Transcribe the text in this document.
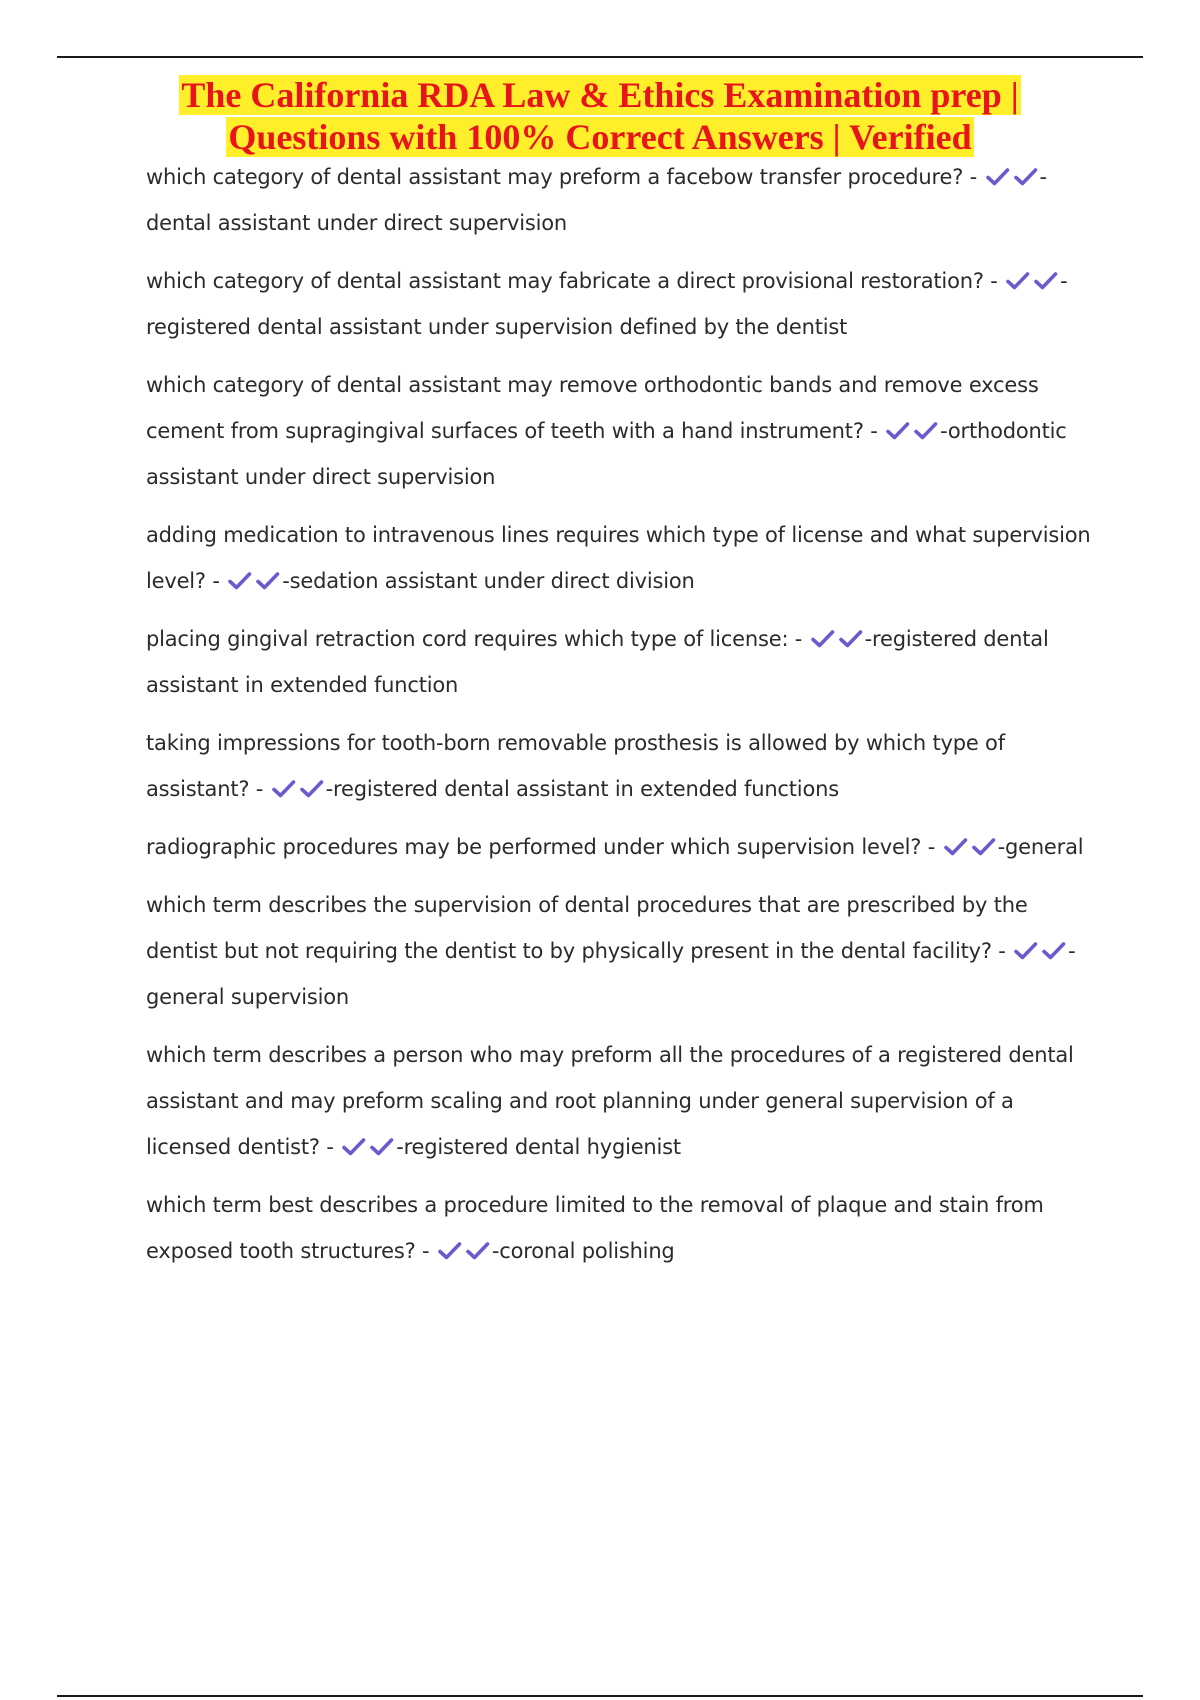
The California RDA Law & Ethics Examination prep |
Questions with 100% Correct Answers | Verified
which category of dental assistant may preform a facebow transfer procedure? -	-dental assistant under direct supervision
which category of dental assistant may fabricate a direct provisional restoration? -	-registered dental assistant under supervision defined by the dentist
which category of dental assistant may remove orthodontic bands and remove excess cement from supragingival surfaces of teeth with a hand instrument? -	-orthodontic assistant under direct supervision
adding medication to intravenous lines requires which type of license and what supervision level? -	-sedation assistant under direct division
placing gingival retraction cord requires which type of license: -	-registered dental assistant in extended function
taking impressions for tooth-born removable prosthesis is allowed by which type of assistant? -	-registered dental assistant in extended functions
radiographic procedures may be performed under which supervision level? -	-general
which term describes the supervision of dental procedures that are prescribed by the dentist but not requiring the dentist to by physically present in the dental facility? -	-general supervision
which term describes a person who may preform all the procedures of a registered dental assistant and may preform scaling and root planning under general supervision of a licensed dentist? -	-registered dental hygienist
which term best describes a procedure limited to the removal of plaque and stain from exposed tooth structures? -	-coronal polishing
